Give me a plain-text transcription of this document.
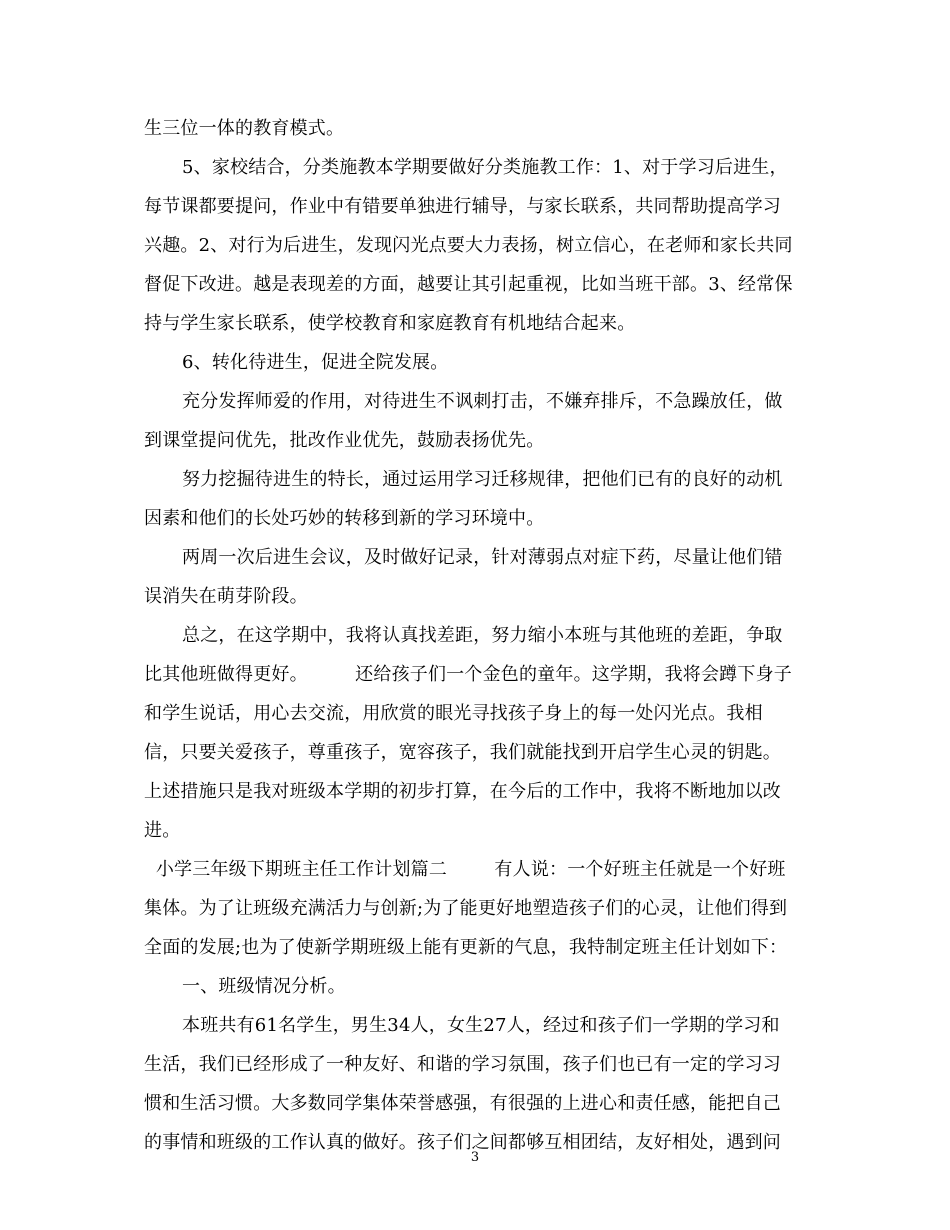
生三位一体的教育模式。
5、家校结合，分类施教本学期要做好分类施教工作：1、对于学习后进生，
每节课都要提问，作业中有错要单独进行辅导，与家长联系，共同帮助提高学习
兴趣。2、对行为后进生，发现闪光点要大力表扬，树立信心，在老师和家长共同
督促下改进。越是表现差的方面，越要让其引起重视，比如当班干部。3、经常保
持与学生家长联系，使学校教育和家庭教育有机地结合起来。
6、转化待进生，促进全院发展。
充分发挥师爱的作用，对待进生不讽刺打击，不嫌弃排斥，不急躁放任，做
到课堂提问优先，批改作业优先，鼓励表扬优先。
努力挖掘待进生的特长，通过运用学习迁移规律，把他们已有的良好的动机
因素和他们的长处巧妙的转移到新的学习环境中。
两周一次后进生会议，及时做好记录，针对薄弱点对症下药，尽量让他们错
误消失在萌芽阶段。
总之，在这学期中，我将认真找差距，努力缩小本班与其他班的差距，争取
比其他班做得更好。        还给孩子们一个金色的童年。这学期，我将会蹲下身子
和学生说话，用心去交流，用欣赏的眼光寻找孩子身上的每一处闪光点。我相
信，只要关爱孩子，尊重孩子，宽容孩子，我们就能找到开启学生心灵的钥匙。
上述措施只是我对班级本学期的初步打算，在今后的工作中，我将不断地加以改
进。
小学三年级下期班主任工作计划篇二        有人说：一个好班主任就是一个好班
集体。为了让班级充满活力与创新;为了能更好地塑造孩子们的心灵，让他们得到
全面的发展;也为了使新学期班级上能有更新的气息，我特制定班主任计划如下：
一、班级情况分析。
本班共有61名学生，男生34人，女生27人，经过和孩子们一学期的学习和
生活，我们已经形成了一种友好、和谐的学习氛围，孩子们也已有一定的学习习
惯和生活习惯。大多数同学集体荣誉感强，有很强的上进心和责任感，能把自己
的事情和班级的工作认真的做好。孩子们之间都够互相团结，友好相处，遇到问
3
